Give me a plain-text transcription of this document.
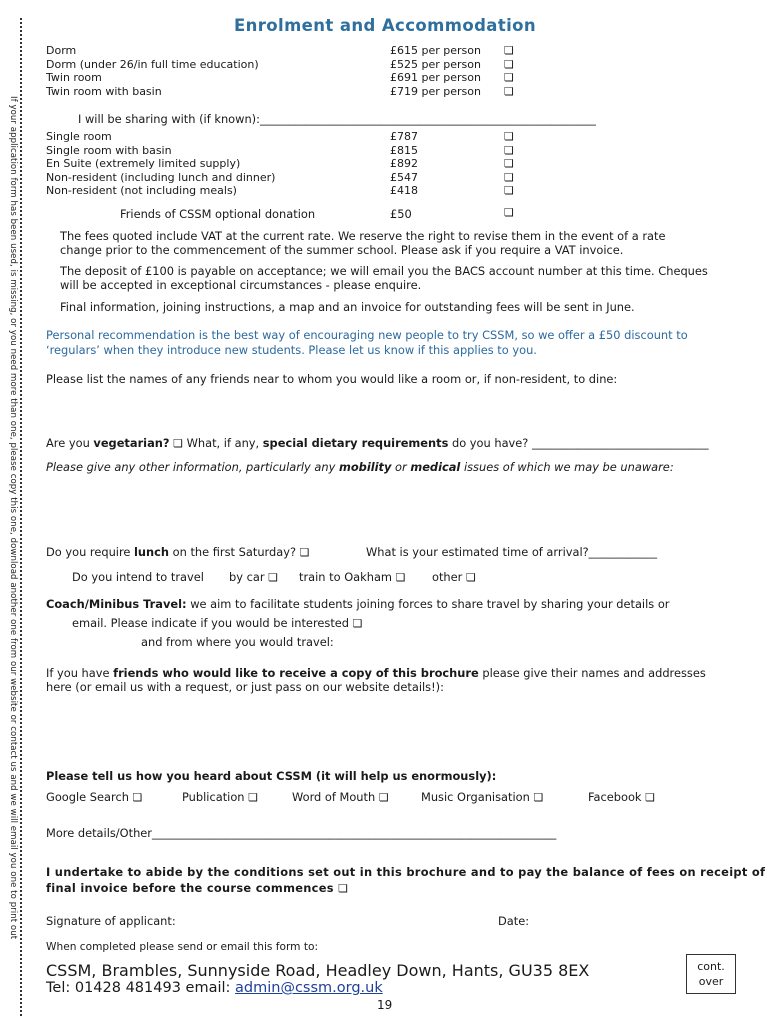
If your application form has been used, is missing, or you need more than one, please copy this one, download another one from our website or contact us and we will email you one to print out
Enrolment and Accommodation
Dorm	£615 per person ❏
Dorm (under 26/in full time education)	£525 per person ❏
Twin room	£691 per person ❏
Twin room with basin	£719 per person ❏
I will be sharing with (if known):___________________________________________________________
Single room	£787	❏
Single room with basin	£815	❏
En Suite (extremely limited supply)	£892	❏
Non-resident (including lunch and dinner)	£547	❏
Non-resident (not including meals)	£418	❏
Friends of CSSM optional donation	£50	❏
The fees quoted include VAT at the current rate. We reserve the right to revise them in the event of a rate
change prior to the commencement of the summer school. Please ask if you require a VAT invoice.
The deposit of £100 is payable on acceptance; we will email you the BACS account number at this time. Cheques
will be accepted in exceptional circumstances - please enquire.
Final information, joining instructions, a map and an invoice for outstanding fees will be sent in June.
Personal recommendation is the best way of encouraging new people to try CSSM, so we offer a £50 discount to
‘regulars’ when they introduce new students. Please let us know if this applies to you.
Please list the names of any friends near to whom you would like a room or, if non-resident, to dine:
Are you vegetarian? ❏ What, if any, special dietary requirements do you have? _______________________________
Please give any other information, particularly any mobility or medical issues of which we may be unaware:
Do you require lunch on the first Saturday? ❏	What is your estimated time of arrival?____________
Do you intend to travel by car ❏ train to Oakham ❏ other ❏
Coach/Minibus Travel: we aim to facilitate students joining forces to share travel by sharing your details or
email. Please indicate if you would be interested ❏
and from where you would travel:
If you have friends who would like to receive a copy of this brochure please give their names and addresses
here (or email us with a request, or just pass on our website details!):
Please tell us how you heard about CSSM (it will help us enormously):
Google Search ❏	Publication ❏	Word of Mouth ❏	Music Organisation ❏	Facebook ❏
More details/Other_______________________________________________________________________
I undertake to abide by the conditions set out in this brochure and to pay the balance of fees on receipt of
final invoice before the course commences ❏
Signature of applicant:	Date:
When completed please send or email this form to:
CSSM, Brambles, Sunnyside Road, Headley Down, Hants, GU35 8EX
Tel: 01428 481493 email: admin@cssm.org.uk
19
cont.
over
